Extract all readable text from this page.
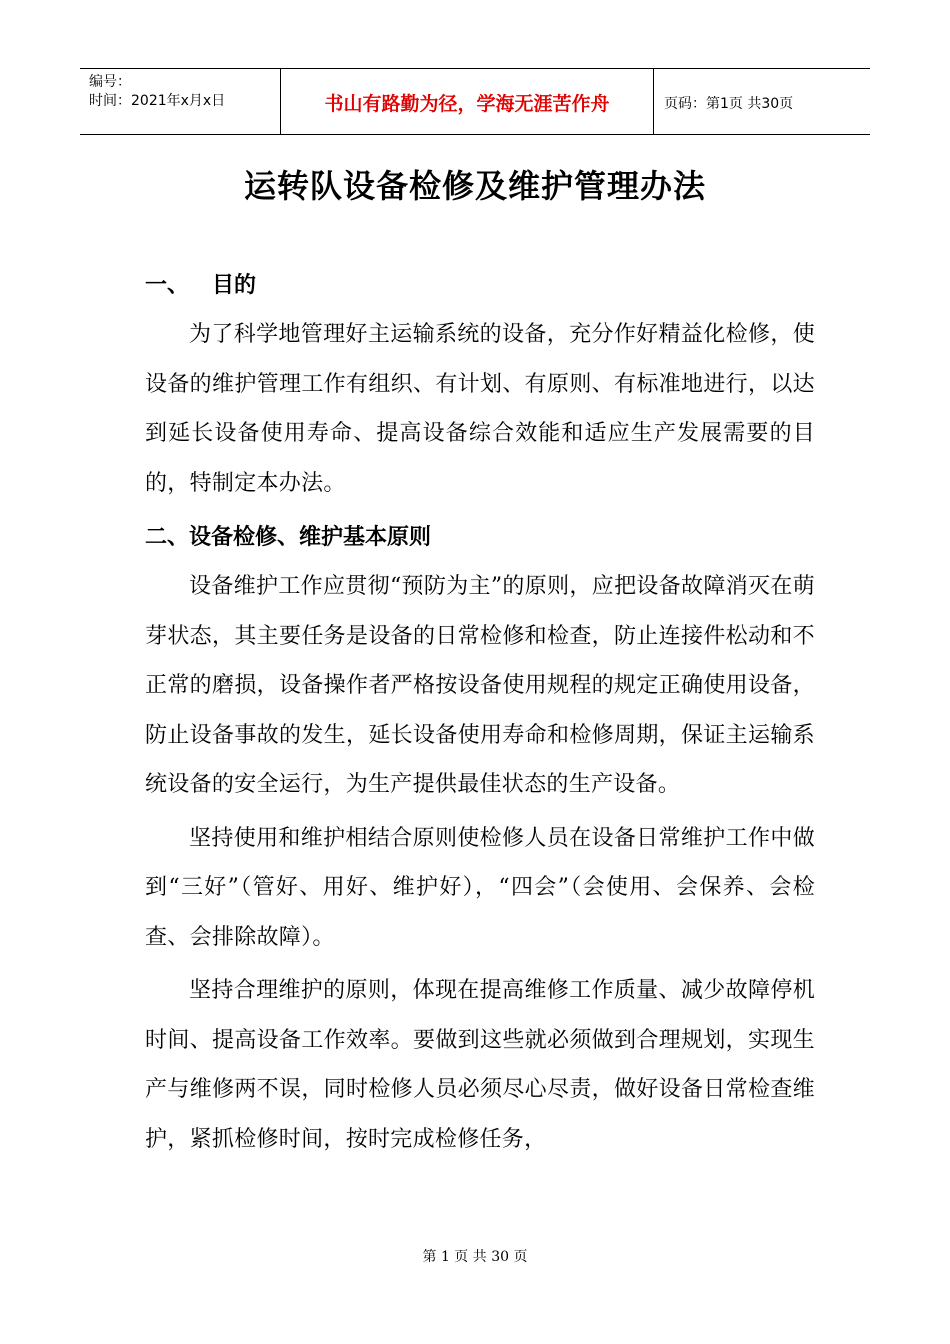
编号：
时间：2021年x月x日	书山有路勤为径，学海无涯苦作舟	页码：第1页 共30页
运转队设备检修及维护管理办法
一、   目的

为了科学地管理好主运输系统的设备，充分作好精益化检修，使设备的维护管理工作有组织、有计划、有原则、有标准地进行，以达到延长设备使用寿命、提高设备综合效能和适应生产发展需要的目的，特制定本办法。

二、设备检修、维护基本原则

设备维护工作应贯彻“预防为主”的原则，应把设备故障消灭在萌芽状态，其主要任务是设备的日常检修和检查，防止连接件松动和不正常的磨损，设备操作者严格按设备使用规程的规定正确使用设备，防止设备事故的发生，延长设备使用寿命和检修周期，保证主运输系统设备的安全运行，为生产提供最佳状态的生产设备。

坚持使用和维护相结合原则使检修人员在设备日常维护工作中做到“三好”（管好、用好、维护好），“四会”（会使用、会保养、会检查、会排除故障）。

坚持合理维护的原则，体现在提高维修工作质量、减少故障停机时间、提高设备工作效率。要做到这些就必须做到合理规划，实现生产与维修两不误，同时检修人员必须尽心尽责，做好设备日常检查维护，紧抓检修时间，按时完成检修任务，

第 1 页 共 30 页
